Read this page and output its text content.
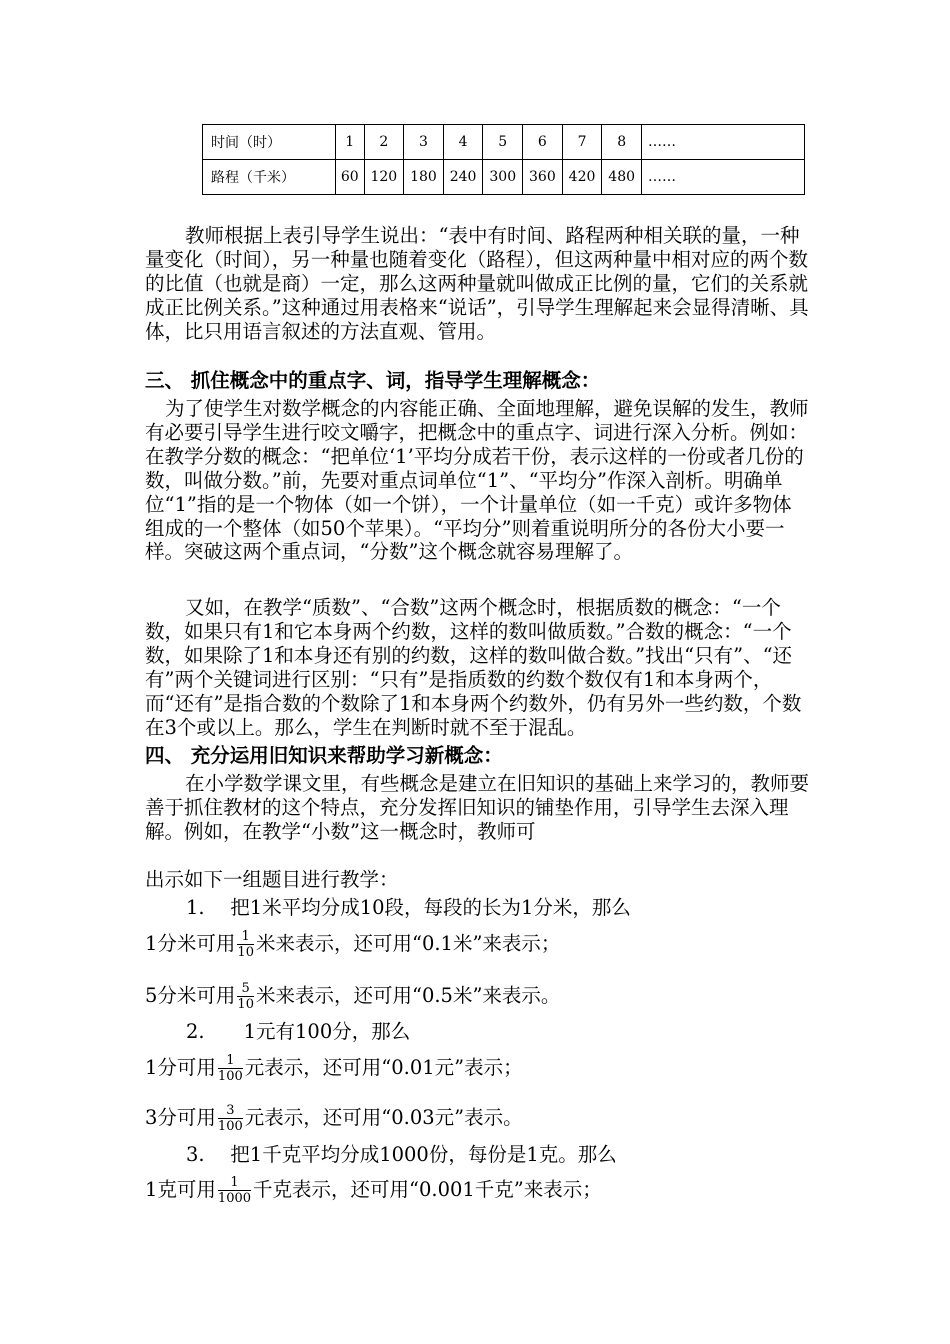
时间（时）	1	2	3	4	5	6	7	8	……
路程（千米）	60	120	180	240	300	360	420	480	……

教师根据上表引导学生说出：“表中有时间、路程两种相关联的量，一种量变化（时间），另一种量也随着变化（路程），但这两种量中相对应的两个数的比值（也就是商）一定，那么这两种量就叫做成正比例的量，它们的关系就成正比例关系。”这种通过用表格来“说话”，引导学生理解起来会显得清晰、具体，比只用语言叙述的方法直观、管用。

三、 抓住概念中的重点字、词，指导学生理解概念：

为了使学生对数学概念的内容能正确、全面地理解，避免误解的发生，教师有必要引导学生进行咬文嚼字，把概念中的重点字、词进行深入分析。例如：在教学分数的概念：“把单位‘1’平均分成若干份，表示这样的一份或者几份的数，叫做分数。”前，先要对重点词单位“1”、“平均分”作深入剖析。明确单位“1”指的是一个物体（如一个饼），一个计量单位（如一千克）或许多物体组成的一个整体（如50个苹果）。“平均分”则着重说明所分的各份大小要一样。突破这两个重点词，“分数”这个概念就容易理解了。

又如，在教学“质数”、“合数”这两个概念时，根据质数的概念：“一个数，如果只有1和它本身两个约数，这样的数叫做质数。”合数的概念：“一个数，如果除了1和本身还有别的约数，这样的数叫做合数。”找出“只有”、“还有”两个关键词进行区别：“只有”是指质数的约数个数仅有1和本身两个，而“还有”是指合数的个数除了1和本身两个约数外，仍有另外一些约数，个数在3个或以上。那么，学生在判断时就不至于混乱。

四、 充分运用旧知识来帮助学习新概念：

在小学数学课文里，有些概念是建立在旧知识的基础上来学习的，教师要善于抓住教材的这个特点，充分发挥旧知识的铺垫作用，引导学生去深入理解。例如，在教学“小数”这一概念时，教师可

出示如下一组题目进行教学：

1.　 把1米平均分成10段，每段的长为1分米，那么
1分米可用 $\frac{1}{10}$ 米来表示，还可用“0.1米”来表示；
5分米可用 $\frac{5}{10}$ 米来表示，还可用“0.5米”来表示。
2.　　1元有100分，那么
1分可用 $\frac{1}{100}$ 元表示，还可用“0.01元”表示；
3分可用 $\frac{3}{100}$ 元表示，还可用“0.03元”表示。
3.　 把1千克平均分成1000份，每份是1克。那么
1克可用 $\frac{1}{1000}$ 千克表示，还可用“0.001千克”来表示；
